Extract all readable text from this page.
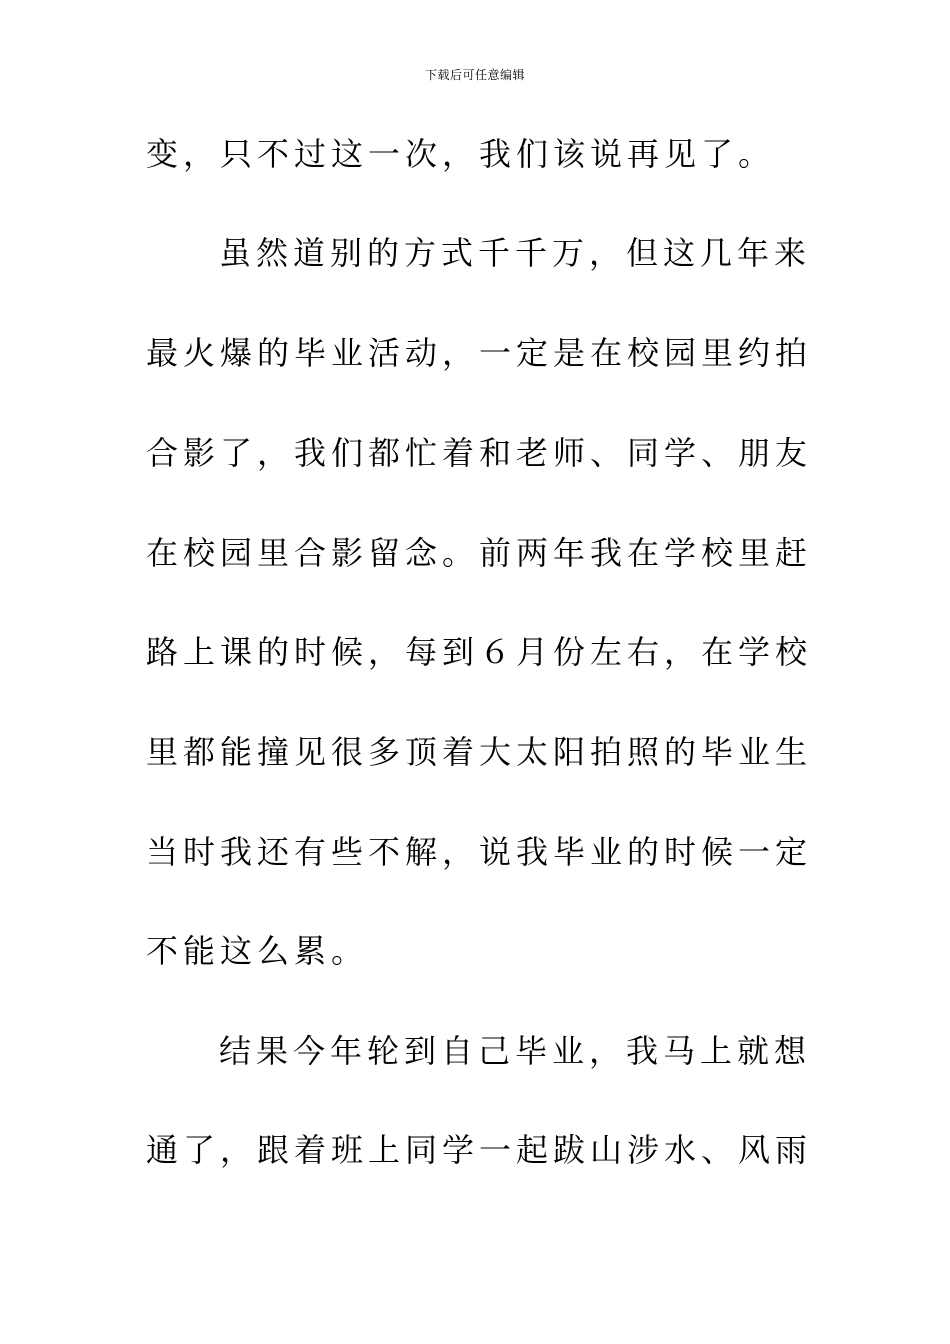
下载后可任意编辑
变，只不过这一次，我们该说再见了。
虽然道别的方式千千万，但这几年来
最火爆的毕业活动，一定是在校园里约拍
合影了，我们都忙着和老师、同学、朋友
在校园里合影留念。前两年我在学校里赶
路上课的时候，每到６月份左右，在学校
里都能撞见很多顶着大太阳拍照的毕业生
当时我还有些不解，说我毕业的时候一定
不能这么累。
结果今年轮到自己毕业，我马上就想
通了，跟着班上同学一起跋山涉水、风雨
